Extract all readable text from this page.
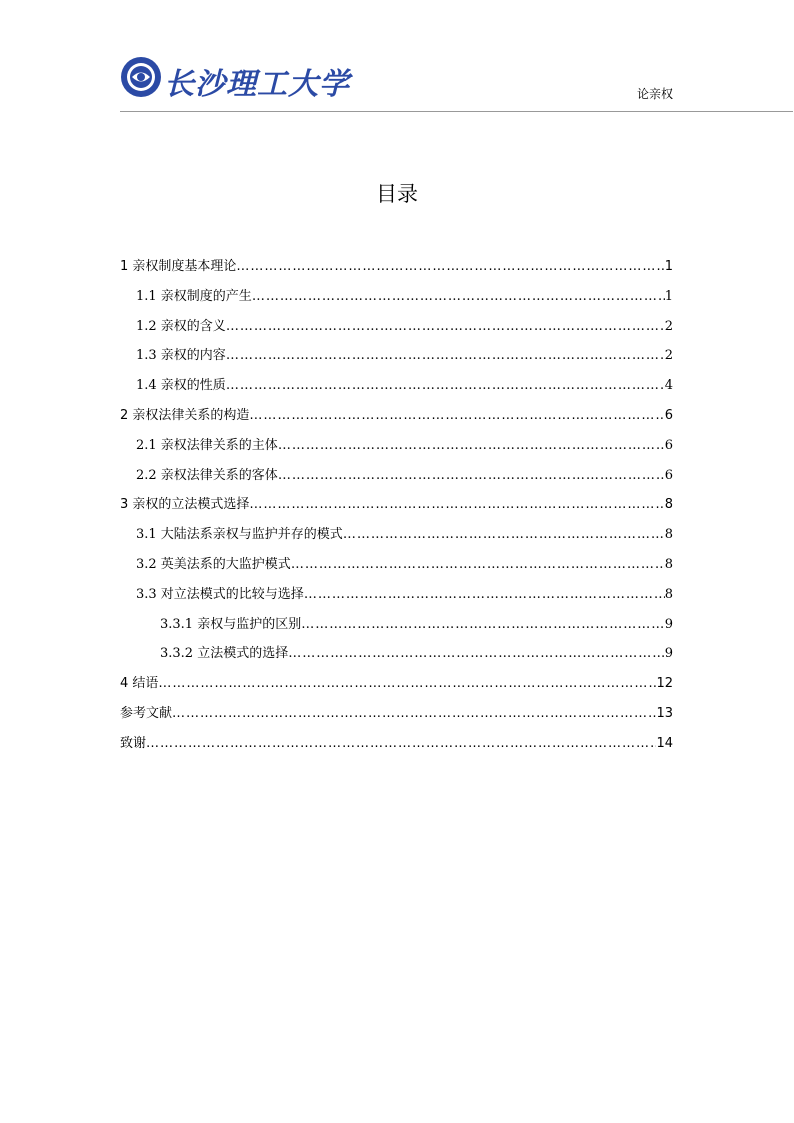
长沙理工大学	论亲权
目录
1 亲权制度基本理论 ………………………………………………………………………………………………………………………………………………………………………………………………	1
1.1 亲权制度的产生 ………………………………………………………………………………………………………………………………………………………………………………………………	1
1.2 亲权的含义 ………………………………………………………………………………………………………………………………………………………………………………………………	2
1.3 亲权的内容 ………………………………………………………………………………………………………………………………………………………………………………………………	2
1.4 亲权的性质 ………………………………………………………………………………………………………………………………………………………………………………………………	4
2 亲权法律关系的构造 ………………………………………………………………………………………………………………………………………………………………………………………………	6
2.1 亲权法律关系的主体 ………………………………………………………………………………………………………………………………………………………………………………………………	6
2.2 亲权法律关系的客体 ………………………………………………………………………………………………………………………………………………………………………………………………	6
3 亲权的立法模式选择 ………………………………………………………………………………………………………………………………………………………………………………………………	8
3.1 大陆法系亲权与监护并存的模式 ………………………………………………………………………………………………………………………………………………………………………………………………	8
3.2 英美法系的大监护模式 ………………………………………………………………………………………………………………………………………………………………………………………………	8
3.3 对立法模式的比较与选择 ………………………………………………………………………………………………………………………………………………………………………………………………	8
3.3.1 亲权与监护的区别 ………………………………………………………………………………………………………………………………………………………………………………………………	9
3.3.2 立法模式的选择 ………………………………………………………………………………………………………………………………………………………………………………………………	9
4 结语 ………………………………………………………………………………………………………………………………………………………………………………………………	12
参考文献 ………………………………………………………………………………………………………………………………………………………………………………………………	13
致谢 ………………………………………………………………………………………………………………………………………………………………………………………………	14
